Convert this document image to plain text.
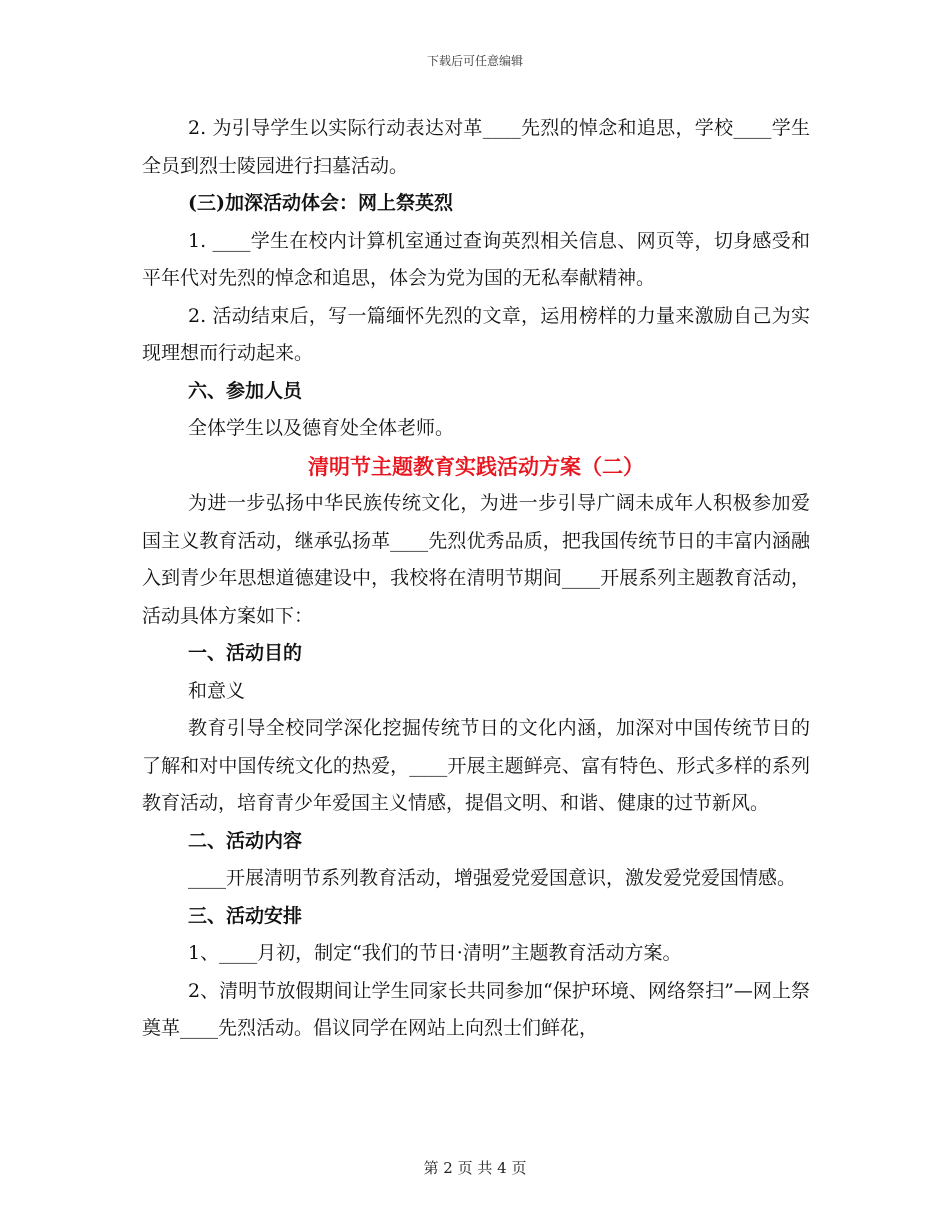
下载后可任意编辑

2. 为引导学生以实际行动表达对革____先烈的悼念和追思，学校____学生全员到烈士陵园进行扫墓活动。

(三)加深活动体会：网上祭英烈

1. ____学生在校内计算机室通过查询英烈相关信息、网页等，切身感受和平年代对先烈的悼念和追思，体会为党为国的无私奉献精神。

2. 活动结束后，写一篇缅怀先烈的文章，运用榜样的力量来激励自己为实现理想而行动起来。

六、参加人员

全体学生以及德育处全体老师。

清明节主题教育实践活动方案（二）

为进一步弘扬中华民族传统文化，为进一步引导广阔未成年人积极参加爱国主义教育活动，继承弘扬革____先烈优秀品质，把我国传统节日的丰富内涵融入到青少年思想道德建设中，我校将在清明节期间____开展系列主题教育活动，活动具体方案如下：

一、活动目的

和意义

教育引导全校同学深化挖掘传统节日的文化内涵，加深对中国传统节日的了解和对中国传统文化的热爱，____开展主题鲜亮、富有特色、形式多样的系列教育活动，培育青少年爱国主义情感，提倡文明、和谐、健康的过节新风。

二、活动内容

____开展清明节系列教育活动，增强爱党爱国意识，激发爱党爱国情感。

三、活动安排

1、____月初，制定“我们的节日·清明”主题教育活动方案。

2、清明节放假期间让学生同家长共同参加“保护环境、网络祭扫”—网上祭奠革____先烈活动。倡议同学在网站上向烈士们鲜花，

第 2 页 共 4 页
